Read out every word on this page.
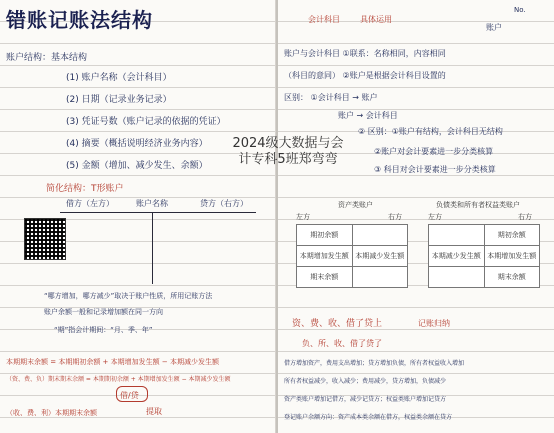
错账记账法结构
账户结构：基本结构
(1) 账户名称（会计科目）
(2) 日期（记录业务记录）
(3) 凭证号数（账户记录的依据的凭证）
(4) 摘要（概括说明经济业务内容）
(5) 金额（增加、减少发生、余额）
简化结构：T形账户
借方（左方）	账户名称	贷方（右方）
“哪方增加，哪方减少”取决于账户性质，所用记账方法
账户余额一般和记录增加额在同一方向
“期”指会计期间：“月、季、年”
本期期末余额 = 本期期初余额 + 本期增加发生额 − 本期减少发生额
（资、费、负）期末期末余额 = 本期期初余额 + 本期增加发生额 − 本期减少发生额
借/贷
（收、费、利）本期期末余额	提取
会计科目	具体运用
账户
No.
账户与会计科目 ①联系：名称相同，内容相同
（科目的意同） ②账户是根据会计科目设置的
区别： ①会计科目 → 账户
账户 → 会计科目
② 区别：①账户有结构，会计科目无结构
②账户对会计要素进一步分类核算
③ 科目对会计要素进一步分类核算
资产类账户
左方	右方
期初余额	
本期增加发生额	本期减少发生额
期末余额	
负债类和所有者权益类账户
左方	右方
	期初余额
本期减少发生额	本期增加发生额
	期末余额
资、费、收、借了贷上	记账归纳
负、所、收、借了贷了
借方增加资产，费用支出增加；贷方增加负债，所有者权益收入增加
所有者权益减少，收入减少；费用减少，贷方增加，负债减少
资产类账户增加记借方，减少记贷方；权益类账户增加记贷方
登记账户余额方向：资产成本类余额在借方，权益类余额在贷方
2024级大数据与会计专科5班郑弯弯
